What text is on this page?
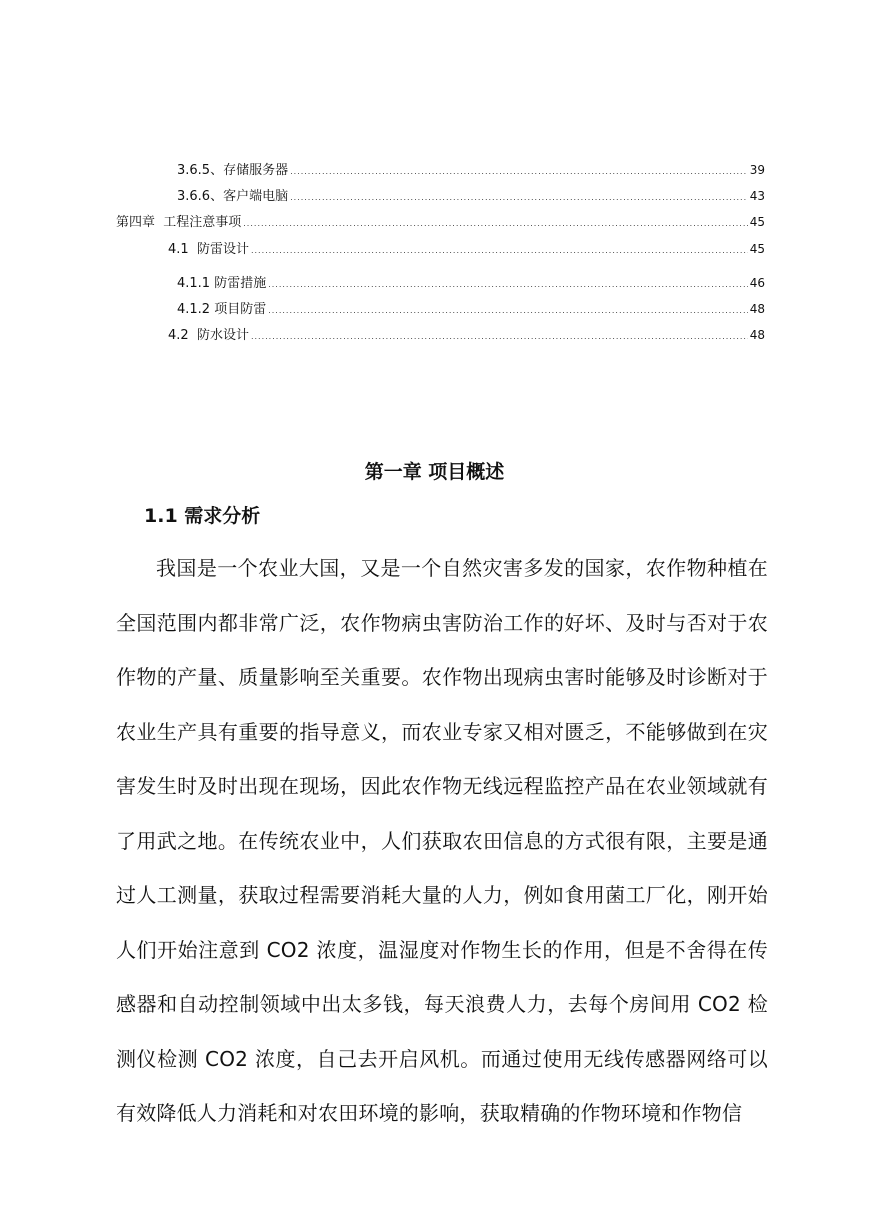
3.6.5、存储服务器 .....	39
3.6.6、客户端电脑 .....	43
第四章  工程注意事项 .....	45
4.1  防雷设计 .....	45
4.1.1 防雷措施 .....	46
4.1.2 项目防雷 .....	48
4.2  防水设计 .....	48
第一章 项目概述
1.1 需求分析

我国是一个农业大国，又是一个自然灾害多发的国家，农作物种植在全国范围内都非常广泛，农作物病虫害防治工作的好坏、及时与否对于农作物的产量、质量影响至关重要。农作物出现病虫害时能够及时诊断对于农业生产具有重要的指导意义，而农业专家又相对匮乏，不能够做到在灾害发生时及时出现在现场，因此农作物无线远程监控产品在农业领域就有了用武之地。在传统农业中，人们获取农田信息的方式很有限，主要是通过人工测量，获取过程需要消耗大量的人力，例如食用菌工厂化，刚开始人们开始注意到 CO2 浓度，温湿度对作物生长的作用，但是不舍得在传感器和自动控制领域中出太多钱，每天浪费人力，去每个房间用 CO2 检测仪检测 CO2 浓度，自己去开启风机。而通过使用无线传感器网络可以有效降低人力消耗和对农田环境的影响，获取精确的作物环境和作物信
